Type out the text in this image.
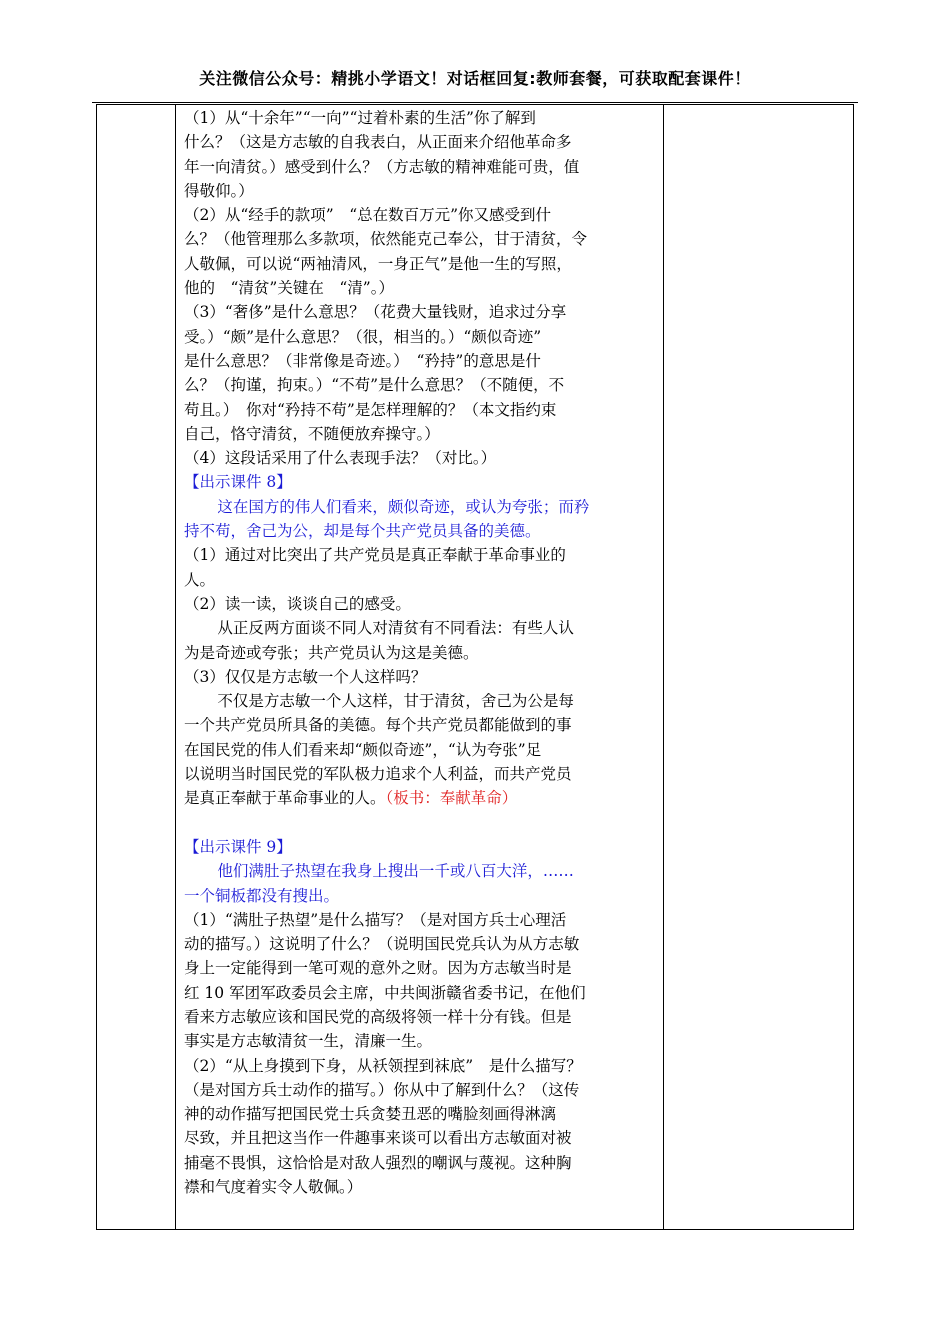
关注微信公众号：精挑小学语文！对话框回复:教师套餐，可获取配套课件！

（1）从“十余年”“一向”“过着朴素的生活”你了解到

什么？（这是方志敏的自我表白，从正面来介绍他革命多

年一向清贫。）感受到什么？（方志敏的精神难能可贵，值

得敬仰。）

（2）从“经手的款项”　“总在数百万元”你又感受到什

么？（他管理那么多款项，依然能克己奉公，甘于清贫，令

人敬佩，可以说“两袖清风，一身正气”是他一生的写照，

他的　“清贫”关键在　“清”。）

（3）“奢侈”是什么意思？（花费大量钱财，追求过分享

受。）“颇”是什么意思？（很，相当的。）“颇似奇迹”

是什么意思？（非常像是奇迹。）　“矜持”的意思是什

么？（拘谨，拘束。）“不苟”是什么意思？（不随便，不

苟且。）　你对“矜持不苟”是怎样理解的？（本文指约束

自己，恪守清贫，不随便放弃操守。）

（4）这段话采用了什么表现手法？（对比。）

【出示课件 8】

这在国方的伟人们看来，颇似奇迹，或认为夸张；而矜

持不苟，舍己为公，却是每个共产党员具备的美德。

（1）通过对比突出了共产党员是真正奉献于革命事业的

人。

（2）读一读，谈谈自己的感受。

从正反两方面谈不同人对清贫有不同看法：有些人认

为是奇迹或夸张；共产党员认为这是美德。

（3）仅仅是方志敏一个人这样吗？

不仅是方志敏一个人这样，甘于清贫，舍己为公是每

一个共产党员所具备的美德。每个共产党员都能做到的事

在国民党的伟人们看来却“颇似奇迹”，“认为夸张”足

以说明当时国民党的军队极力追求个人利益，而共产党员

是真正奉献于革命事业的人。（板书：奉献革命）

【出示课件 9】

他们满肚子热望在我身上搜出一千或八百大洋，……

一个铜板都没有搜出。

（1）“满肚子热望”是什么描写？（是对国方兵士心理活

动的描写。）这说明了什么？（说明国民党兵认为从方志敏

身上一定能得到一笔可观的意外之财。因为方志敏当时是

红 10 军团军政委员会主席，中共闽浙赣省委书记，在他们

看来方志敏应该和国民党的高级将领一样十分有钱。但是

事实是方志敏清贫一生，清廉一生。

（2）“从上身摸到下身，从袄领捏到袜底”　是什么描写？

（是对国方兵士动作的描写。）你从中了解到什么？（这传

神的动作描写把国民党士兵贪婪丑恶的嘴脸刻画得淋漓

尽致，并且把这当作一件趣事来谈可以看出方志敏面对被

捕毫不畏惧，这恰恰是对敌人强烈的嘲讽与蔑视。这种胸

襟和气度着实令人敬佩。）
